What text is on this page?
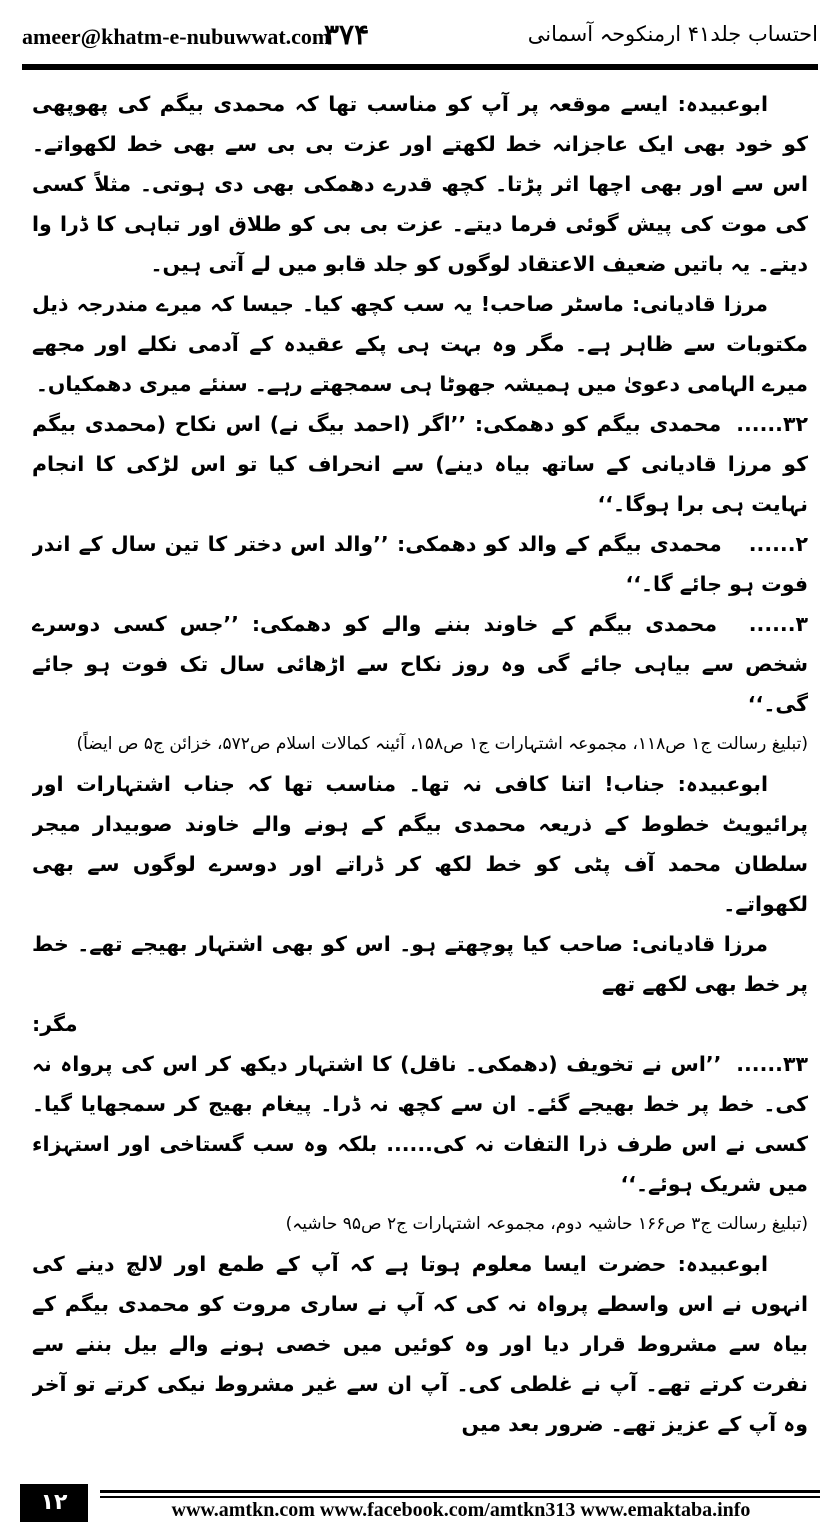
ameer@khatm-e-nubuwwat.com
۳۷۴	احتساب جلد۴۱ ارمنکوحہ آسمانی

ابوعبیدہ: ایسے موقعہ پر آپ کو مناسب تھا کہ محمدی بیگم کی پھوپھی کو خود بھی ایک عاجزانہ خط لکھتے اور عزت بی بی سے بھی خط لکھواتے۔ اس سے اور بھی اچھا اثر پڑتا۔ کچھ قدرے دھمکی بھی دی ہوتی۔ مثلاً کسی کی موت کی پیش گوئی فرما دیتے۔ عزت بی بی کو طلاق اور تباہی کا ڈرا وا دیتے۔ یہ باتیں ضعیف الاعتقاد لوگوں کو جلد قابو میں لے آتی ہیں۔

مرزا قادیانی: ماسٹر صاحب! یہ سب کچھ کیا۔ جیسا کہ میرے مندرجہ ذیل مکتوبات سے ظاہر ہے۔ مگر وہ بہت ہی پکے عقیدہ کے آدمی نکلے اور مجھے میرے الہامی دعویٰ میں ہمیشہ جھوٹا ہی سمجھتے رہے۔ سنئے میری دھمکیاں۔

۳۲...... محمدی بیگم کو دھمکی: ’’اگر (احمد بیگ نے) اس نکاح (محمدی بیگم کو مرزا قادیانی کے ساتھ بیاہ دینے) سے انحراف کیا تو اس لڑکی کا انجام نہایت ہی برا ہوگا۔‘‘

۲...... محمدی بیگم کے والد کو دھمکی: ’’والد اس دختر کا تین سال کے اندر فوت ہو جائے گا۔‘‘

۳...... محمدی بیگم کے خاوند بننے والے کو دھمکی: ’’جس کسی دوسرے شخص سے بیاہی جائے گی وہ روز نکاح سے اڑھائی سال تک فوت ہو جائے گی۔‘‘

(تبلیغ رسالت ج۱ ص۱۱۸، مجموعہ اشتہارات ج۱ ص۱۵۸، آئینہ کمالات اسلام ص۵۷۲، خزائن ج۵ ص ایضاً)

ابوعبیدہ: جناب! اتنا کافی نہ تھا۔ مناسب تھا کہ جناب اشتہارات اور پرائیویٹ خطوط کے ذریعہ محمدی بیگم کے ہونے والے خاوند صوبیدار میجر سلطان محمد آف پٹی کو خط لکھ کر ڈراتے اور دوسرے لوگوں سے بھی لکھواتے۔

مرزا قادیانی: صاحب کیا پوچھتے ہو۔ اس کو بھی اشتہار بھیجے تھے۔ خط پر خط بھی لکھے تھے

مگر:

۳۳...... ’’اس نے تخویف (دھمکی۔ ناقل) کا اشتہار دیکھ کر اس کی پرواہ نہ کی۔ خط پر خط بھیجے گئے۔ ان سے کچھ نہ ڈرا۔ پیغام بھیج کر سمجھایا گیا۔ کسی نے اس طرف ذرا التفات نہ کی...... بلکہ وہ سب گستاخی اور استہزاء میں شریک ہوئے۔‘‘

(تبلیغ رسالت ج۳ ص۱۶۶ حاشیہ دوم، مجموعہ اشتہارات ج۲ ص۹۵ حاشیہ)

ابوعبیدہ: حضرت ایسا معلوم ہوتا ہے کہ آپ کے طمع اور لالچ دینے کی انہوں نے اس واسطے پرواہ نہ کی کہ آپ نے ساری مروت کو محمدی بیگم کے بیاہ سے مشروط قرار دیا اور وہ کوئیں میں خصی ہونے والے بیل بننے سے نفرت کرتے تھے۔ آپ نے غلطی کی۔ آپ ان سے غیر مشروط نیکی کرتے تو آخر وہ آپ کے عزیز تھے۔ ضرور بعد میں

۱۲	www.amtkn.com www.facebook.com/amtkn313 www.emaktaba.info
